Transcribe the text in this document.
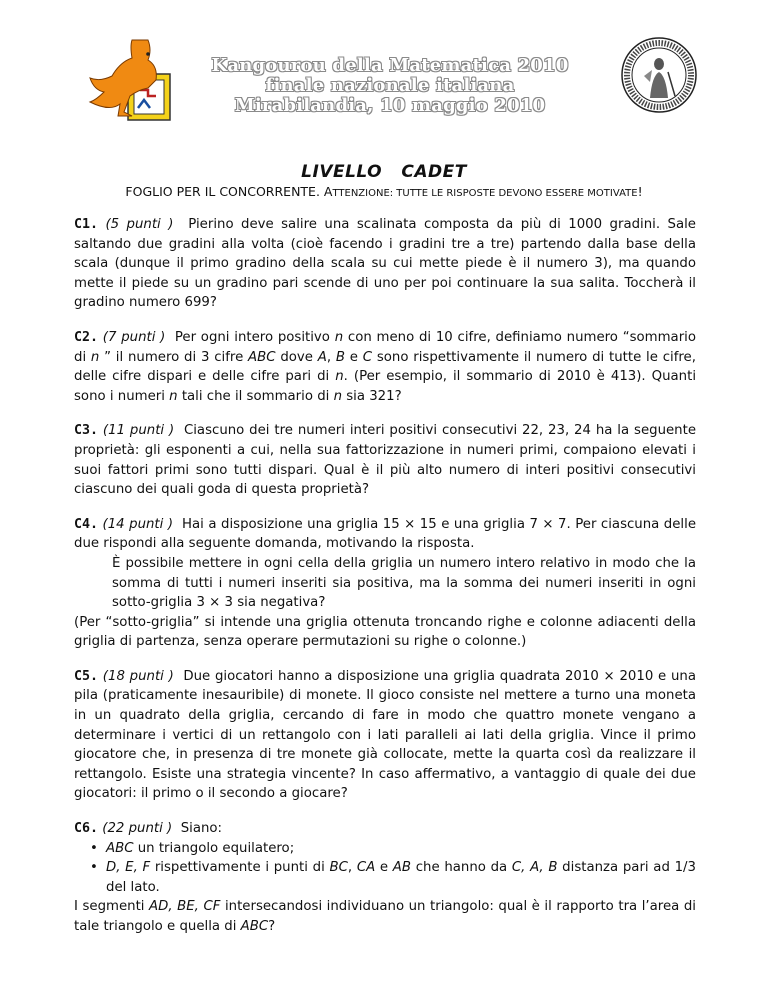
Kangourou della Matematica 2010
finale nazionale italiana
Mirabilandia, 10 maggio 2010
LIVELLO   CADET
FOGLIO PER IL CONCORRENTE. ATTENZIONE: TUTTE LE RISPOSTE DEVONO ESSERE MOTIVATE!

C1. (5 punti ) Pierino deve salire una scalinata composta da più di 1000 gradini. Sale saltando due gradini alla volta (cioè facendo i gradini tre a tre) partendo dalla base della scala (dunque il primo gradino della scala su cui mette piede è il numero 3), ma quando mette il piede su un gradino pari scende di uno per poi continuare la sua salita. Toccherà il gradino numero 699?

C2. (7 punti ) Per ogni intero positivo n con meno di 10 cifre, definiamo numero “sommario di n ” il numero di 3 cifre ABC dove A, B e C sono rispettivamente il numero di tutte le cifre, delle cifre dispari e delle cifre pari di n. (Per esempio, il sommario di 2010 è 413). Quanti sono i numeri n tali che il sommario di n sia 321?

C3. (11 punti ) Ciascuno dei tre numeri interi positivi consecutivi 22, 23, 24 ha la seguente proprietà: gli esponenti a cui, nella sua fattorizzazione in numeri primi, compaiono elevati i suoi fattori primi sono tutti dispari. Qual è il più alto numero di interi positivi consecutivi ciascuno dei quali goda di questa proprietà?

C4. (14 punti ) Hai a disposizione una griglia 15 × 15 e una griglia 7 × 7. Per ciascuna delle due rispondi alla seguente domanda, motivando la risposta.

È possibile mettere in ogni cella della griglia un numero intero relativo in modo che la somma di tutti i numeri inseriti sia positiva, ma la somma dei numeri inseriti in ogni sotto-griglia 3 × 3 sia negativa?

(Per “sotto-griglia” si intende una griglia ottenuta troncando righe e colonne adiacenti della griglia di partenza, senza operare permutazioni su righe o colonne.)

C5. (18 punti ) Due giocatori hanno a disposizione una griglia quadrata 2010 × 2010 e una pila (praticamente inesauribile) di monete. Il gioco consiste nel mettere a turno una moneta in un quadrato della griglia, cercando di fare in modo che quattro monete vengano a determinare i vertici di un rettangolo con i lati paralleli ai lati della griglia. Vince il primo giocatore che, in presenza di tre monete già collocate, mette la quarta così da realizzare il rettangolo. Esiste una strategia vincente? In caso affermativo, a vantaggio di quale dei due giocatori: il primo o il secondo a giocare?

C6. (22 punti ) Siano:

• ABC un triangolo equilatero;
• D, E, F rispettivamente i punti di BC, CA e AB che hanno da C, A, B distanza pari ad 1/3 del lato.

I segmenti AD, BE, CF intersecandosi individuano un triangolo: qual è il rapporto tra l’area di tale triangolo e quella di ABC?
